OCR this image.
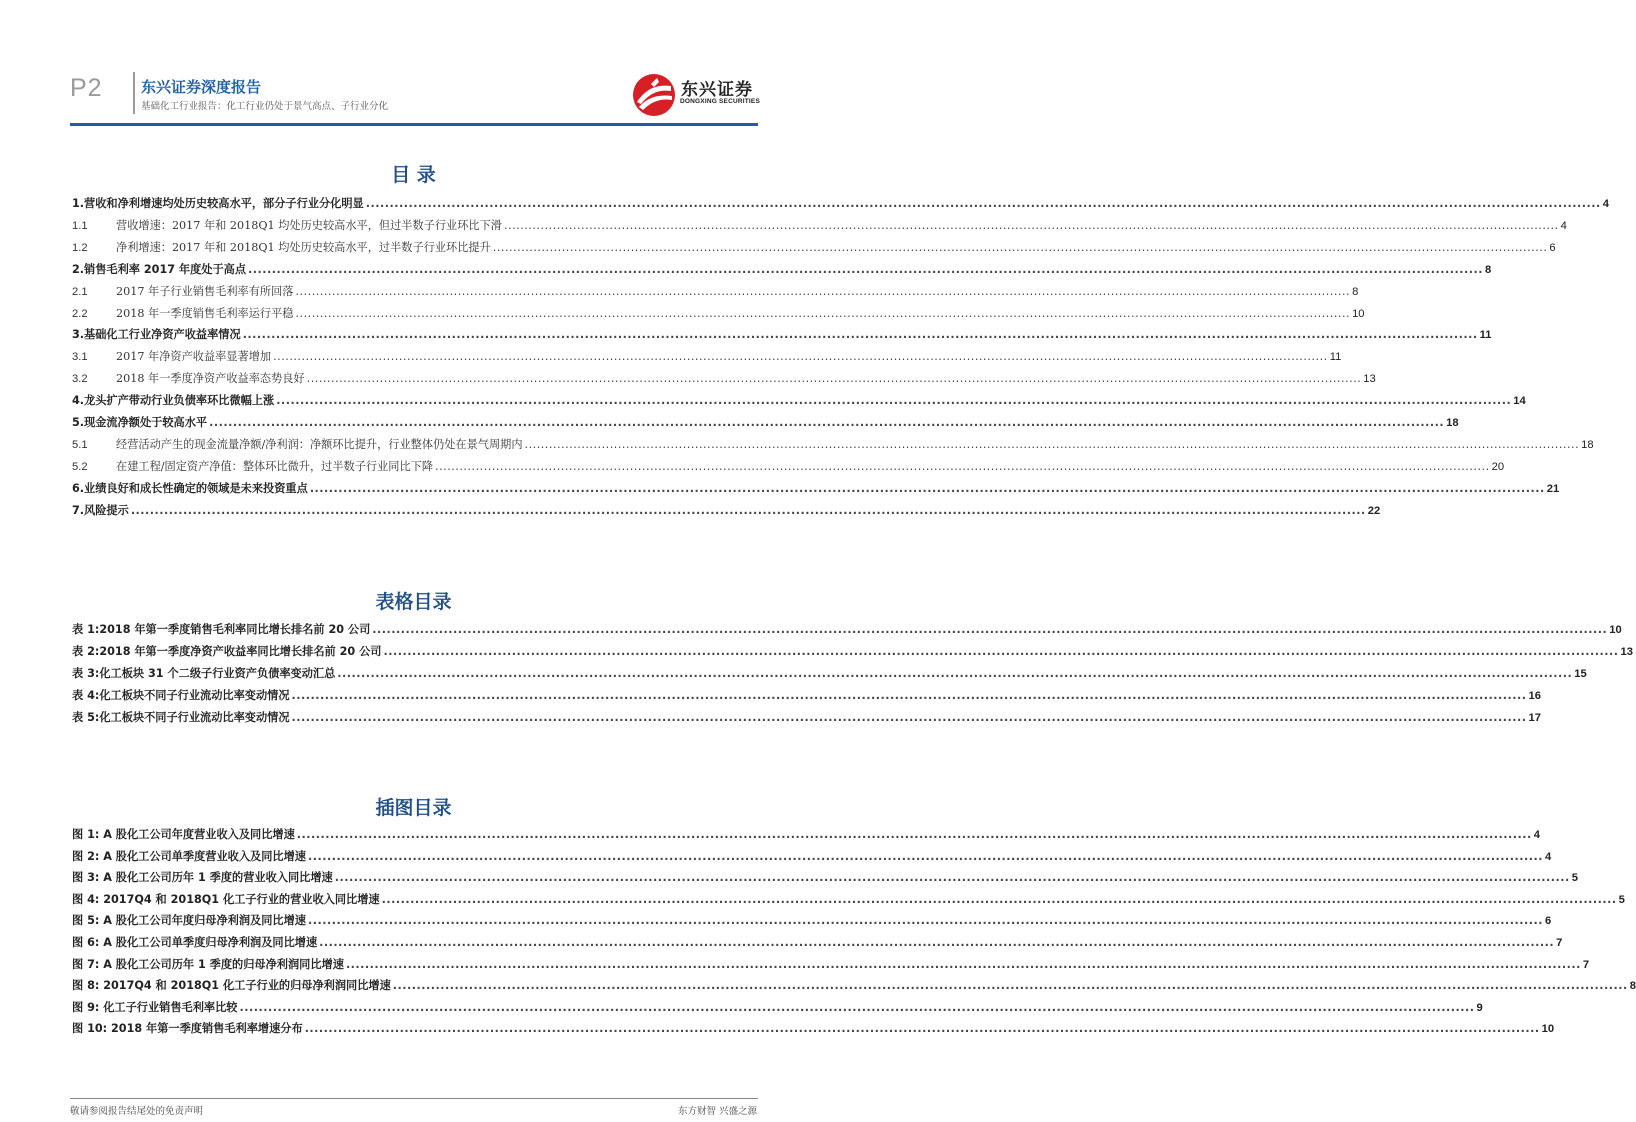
P2	东兴证券深度报告
基础化工行业报告：化工行业仍处于景气高点、子行业分化
东兴证券
DONGXING SECURITIES
目 录
1. 营收和净利增速均处历史较高水平，部分子行业分化明显 .................................................................................................................................................................................................................................................................... 4
1.1	营收增速：2017 年和 2018Q1 均处历史较高水平，但过半数子行业环比下滑 .................................................................................................................................................................................................................................................................... 4
1.2	净利增速：2017 年和 2018Q1 均处历史较高水平，过半数子行业环比提升 .................................................................................................................................................................................................................................................................... 6
2. 销售毛利率 2017 年度处于高点 .................................................................................................................................................................................................................................................................... 8
2.1	2017 年子行业销售毛利率有所回落 .................................................................................................................................................................................................................................................................... 8
2.2	2018 年一季度销售毛利率运行平稳 .................................................................................................................................................................................................................................................................... 10
3. 基础化工行业净资产收益率情况 .................................................................................................................................................................................................................................................................... 11
3.1	2017 年净资产收益率显著增加 .................................................................................................................................................................................................................................................................... 11
3.2	2018 年一季度净资产收益率态势良好 .................................................................................................................................................................................................................................................................... 13
4. 龙头扩产带动行业负债率环比微幅上涨 .................................................................................................................................................................................................................................................................... 14
5. 现金流净额处于较高水平 .................................................................................................................................................................................................................................................................... 18
5.1	经营活动产生的现金流量净额/净利润：净额环比提升，行业整体仍处在景气周期内 .................................................................................................................................................................................................................................................................... 18
5.2	在建工程/固定资产净值：整体环比微升，过半数子行业同比下降 .................................................................................................................................................................................................................................................................... 20
6. 业绩良好和成长性确定的领域是未来投资重点 .................................................................................................................................................................................................................................................................... 21
7. 风险提示 .................................................................................................................................................................................................................................................................... 22
表格目录
表 1:2018 年第一季度销售毛利率同比增长排名前 20 公司 .................................................................................................................................................................................................................................................................... 10
表 2:2018 年第一季度净资产收益率同比增长排名前 20 公司 .................................................................................................................................................................................................................................................................... 13
表 3:化工板块 31 个二级子行业资产负债率变动汇总 .................................................................................................................................................................................................................................................................... 15
表 4:化工板块不同子行业流动比率变动情况 .................................................................................................................................................................................................................................................................... 16
表 5:化工板块不同子行业流动比率变动情况 .................................................................................................................................................................................................................................................................... 17
插图目录
图 1: A 股化工公司年度营业收入及同比增速 .................................................................................................................................................................................................................................................................... 4
图 2: A 股化工公司单季度营业收入及同比增速 .................................................................................................................................................................................................................................................................... 4
图 3: A 股化工公司历年 1 季度的营业收入同比增速 .................................................................................................................................................................................................................................................................... 5
图 4: 2017Q4 和 2018Q1 化工子行业的营业收入同比增速 .................................................................................................................................................................................................................................................................... 5
图 5: A 股化工公司年度归母净利润及同比增速 .................................................................................................................................................................................................................................................................... 6
图 6: A 股化工公司单季度归母净利润及同比增速 .................................................................................................................................................................................................................................................................... 7
图 7: A 股化工公司历年 1 季度的归母净利润同比增速 .................................................................................................................................................................................................................................................................... 7
图 8: 2017Q4 和 2018Q1 化工子行业的归母净利润同比增速 .................................................................................................................................................................................................................................................................... 8
图 9: 化工子行业销售毛利率比较 .................................................................................................................................................................................................................................................................... 9
图 10: 2018 年第一季度销售毛利率增速分布 .................................................................................................................................................................................................................................................................... 10
敬请参阅报告结尾处的免责声明	东方财智 兴盛之源
